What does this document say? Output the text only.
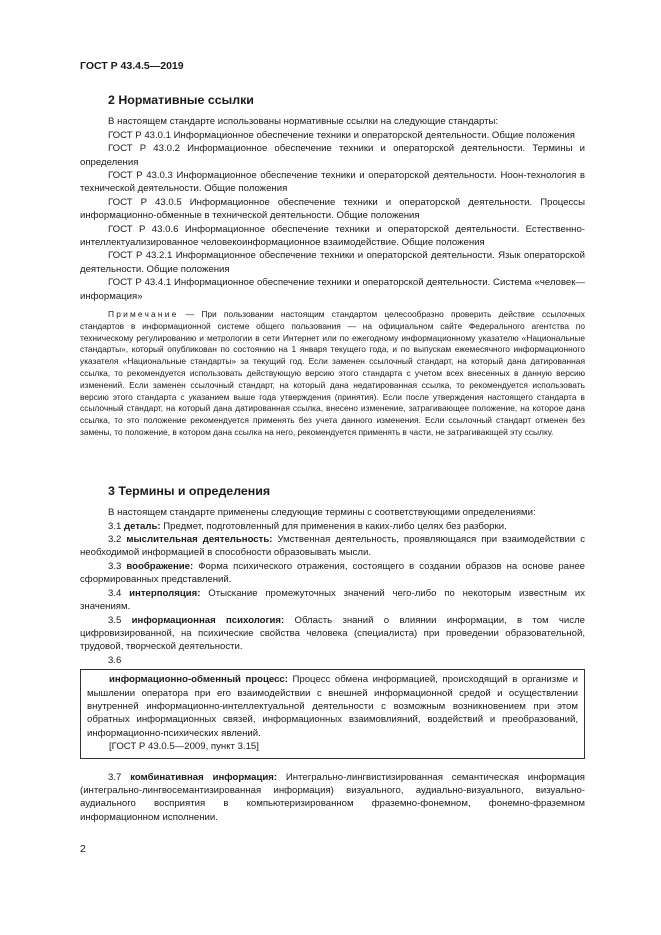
ГОСТ Р 43.4.5—2019
2 Нормативные ссылки

В настоящем стандарте использованы нормативные ссылки на следующие стандарты:

ГОСТ Р 43.0.1 Информационное обеспечение техники и операторской деятельности. Общие положения

ГОСТ Р 43.0.2 Информационное обеспечение техники и операторской деятельности. Термины и определения

ГОСТ Р 43.0.3 Информационное обеспечение техники и операторской деятельности. Ноон-технология в технической деятельности. Общие положения

ГОСТ Р 43.0.5 Информационное обеспечение техники и операторской деятельности. Процессы информационно-обменные в технической деятельности. Общие положения

ГОСТ Р 43.0.6 Информационное обеспечение техники и операторской деятельности. Естественно-интеллектуализированное человекоинформационное взаимодействие. Общие положения

ГОСТ Р 43.2.1 Информационное обеспечение техники и операторской деятельности. Язык операторской деятельности. Общие положения

ГОСТ Р 43.4.1 Информационное обеспечение техники и операторской деятельности. Система «человек—информация»

Примечание — При пользовании настоящим стандартом целесообразно проверить действие ссылочных стандартов в информационной системе общего пользования — на официальном сайте Федерального агентства по техническому регулированию и метрологии в сети Интернет или по ежегодному информационному указателю «Национальные стандарты», который опубликован по состоянию на 1 января текущего года, и по выпускам ежемесячного информационного указателя «Национальные стандарты» за текущий год. Если заменен ссылочный стандарт, на который дана датированная ссылка, то рекомендуется использовать действующую версию этого стандарта с учетом всех внесенных в данную версию изменений. Если заменен ссылочный стандарт, на который дана недатированная ссылка, то рекомендуется использовать версию этого стандарта с указанием выше года утверждения (принятия). Если после утверждения настоящего стандарта в ссылочный стандарт, на который дана датированная ссылка, внесено изменение, затрагивающее положение, на которое дана ссылка, то это положение рекомендуется применять без учета данного изменения. Если ссылочный стандарт отменен без замены, то положение, в котором дана ссылка на него, рекомендуется применять в части, не затрагивающей эту ссылку.

3 Термины и определения

В настоящем стандарте применены следующие термины с соответствующими определениями:

3.1 деталь: Предмет, подготовленный для применения в каких-либо целях без разборки.

3.2 мыслительная деятельность: Умственная деятельность, проявляющаяся при взаимодействии с необходимой информацией в способности образовывать мысли.

3.3 воображение: Форма психического отражения, состоящего в создании образов на основе ранее сформированных представлений.

3.4 интерполяция: Отыскание промежуточных значений чего-либо по некоторым известным их значениям.

3.5 информационная психология: Область знаний о влиянии информации, в том числе цифровизированной, на психические свойства человека (специалиста) при проведении образовательной, трудовой, творческой деятельности.

3.6

информационно-обменный процесс: Процесс обмена информацией, происходящий в организме и мышлении оператора при его взаимодействии с внешней информационной средой и осуществлении внутренней информационно-интеллектуальной деятельности с возможным возникновением при этом обратных информационных связей, информационных взаимовлияний, воздействий и преобразований, информационно-психических явлений.

[ГОСТ Р 43.0.5—2009, пункт 3.15]

3.7 комбинативная информация: Интегрально-лингвистизированная семантическая информация (интегрально-лингвосемантизированная информация) визуального, аудиально-визуального, визуально-аудиального восприятия в компьютеризированном фраземно-фонемном, фонемно-фраземном информационном исполнении.

2
